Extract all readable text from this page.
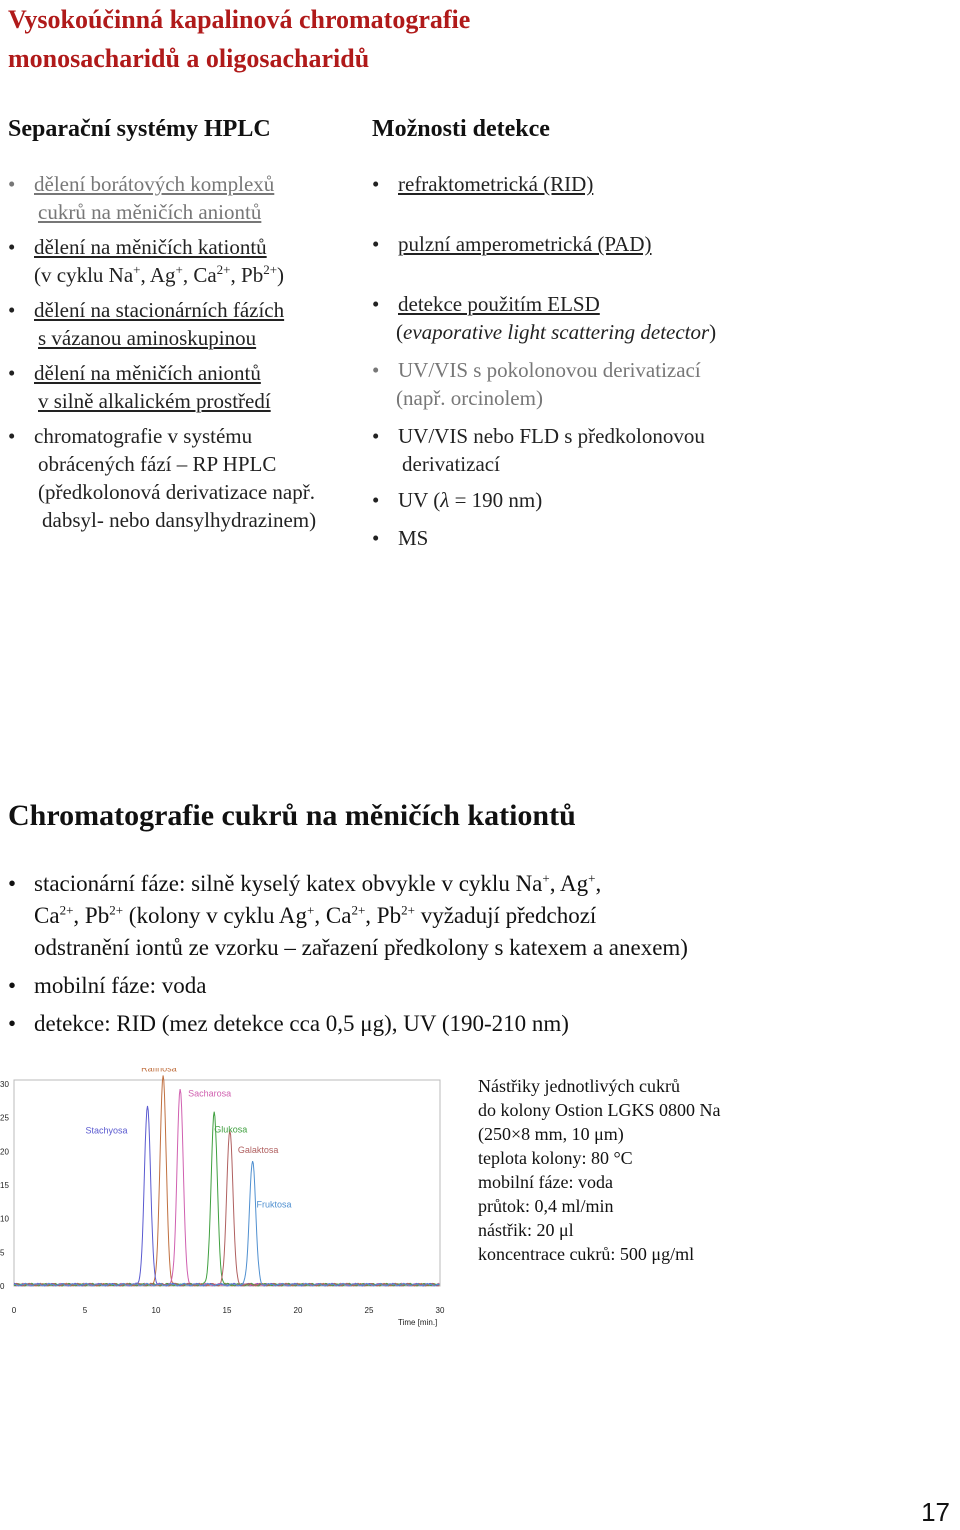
Vysokoúčinná kapalinová chromatografie
monosacharidů a oligosacharidů
Separační systémy HPLC
• dělení borátových komplexů
cukrů na měničích aniontů
• dělení na měničích kationtů
(v cyklu Na+, Ag+, $Ca^{2+}$, $Pb^{2+}$)
• dělení na stacionárních fázích
s vázanou aminoskupinou
• dělení na měničích aniontů
v silně alkalickém prostředí
• chromatografie v systému
obrácených fází – RP HPLC
(předkolonová derivatizace např.
dabsyl- nebo dansylhydrazinem)
Možnosti detekce
• refraktometrická (RID)
• pulzní amperometrická (PAD)
• detekce použitím ELSD
(evaporative light scattering detector)
• UV/VIS s pokolonovou derivatizací
(např. orcinolem)
• UV/VIS nebo FLD s předkolonovou
derivatizací
• UV (λ = 190 nm)
• MS
Chromatografie cukrů na měničích kationtů
• stacionární fáze: silně kyselý katex obvykle v cyklu Na+, Ag+,
$Ca^{2+}$, $Pb^{2+}$ (kolony v cyklu Ag+, $Ca^{2+}$, $Pb^{2+}$ vyžadují předchozí
odstranění iontů ze vzorku – zařazení předkolony s katexem a anexem)
• mobilní fáze: voda
• detekce: RID (mez detekce cca 0,5 μg), UV (190-210 nm)
0
5
10
15
20
25
30
0	5	10	15	20	25	30
Rafinosa
Stachyosa
Sacharosa
Glukosa
Galaktosa
Fruktosa
Time [min.]
Nástřiky jednotlivých cukrů
do kolony Ostion LGKS 0800 Na
(250×8 mm, 10 μm)
teplota kolony: 80 °C
mobilní fáze: voda
průtok: 0,4 ml/min
nástřik: 20 μl
koncentrace cukrů: 500 μg/ml
17
